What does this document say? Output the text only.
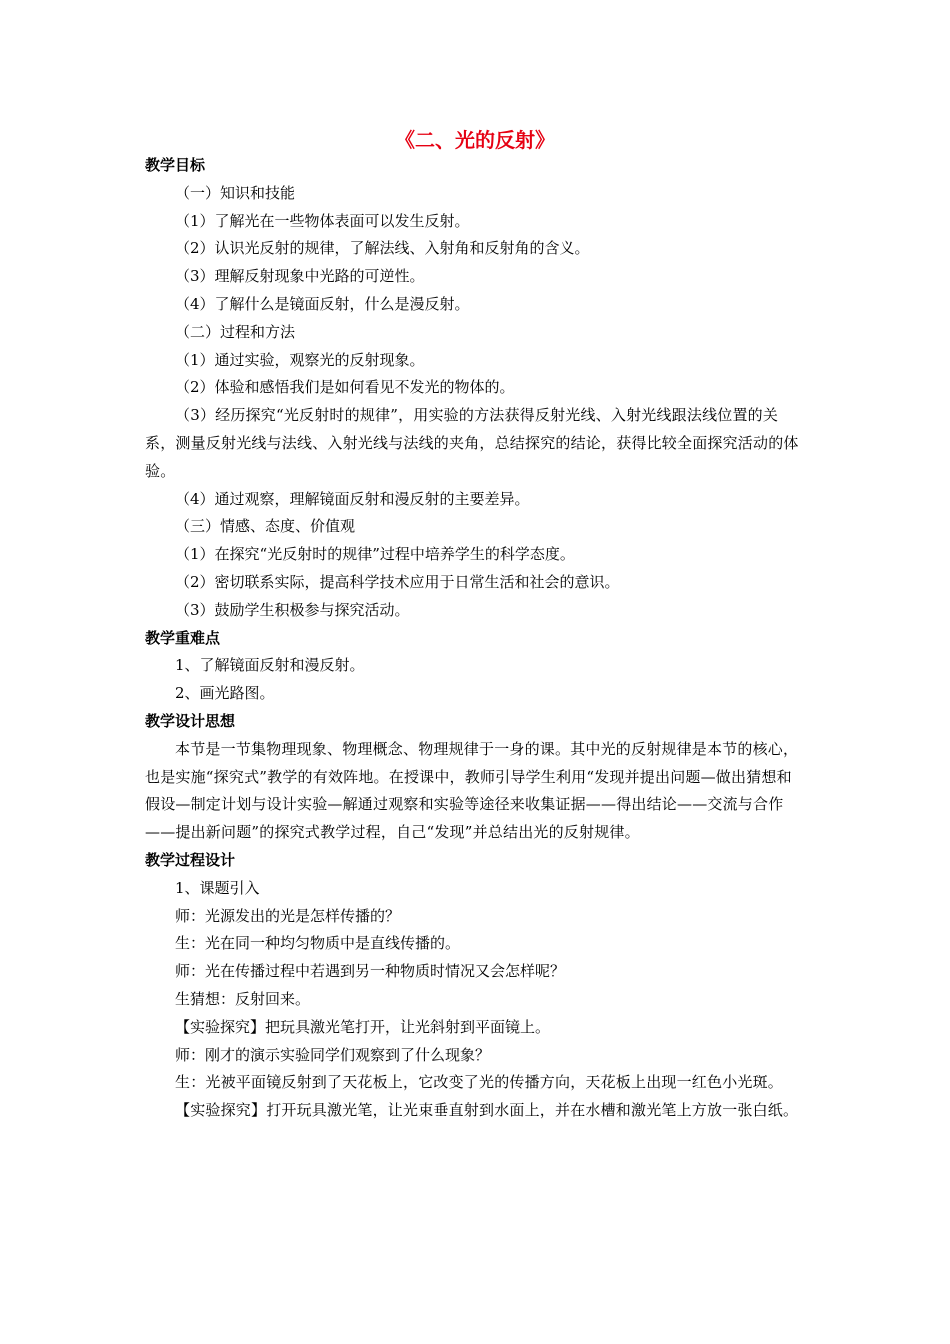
《二、光的反射》

教学目标

（一）知识和技能

（1）了解光在一些物体表面可以发生反射。

（2）认识光反射的规律，了解法线、入射角和反射角的含义。

（3）理解反射现象中光路的可逆性。

（4）了解什么是镜面反射，什么是漫反射。

（二）过程和方法

（1）通过实验，观察光的反射现象。

（2）体验和感悟我们是如何看见不发光的物体的。

（3）经历探究“光反射时的规律”，用实验的方法获得反射光线、入射光线跟法线位置的关系，测量反射光线与法线、入射光线与法线的夹角，总结探究的结论，获得比较全面探究活动的体验。

（4）通过观察，理解镜面反射和漫反射的主要差异。

（三）情感、态度、价值观

（1）在探究“光反射时的规律”过程中培养学生的科学态度。

（2）密切联系实际，提高科学技术应用于日常生活和社会的意识。

（3）鼓励学生积极参与探究活动。

教学重难点

1、了解镜面反射和漫反射。

2、画光路图。

教学设计思想

本节是一节集物理现象、物理概念、物理规律于一身的课。其中光的反射规律是本节的核心，也是实施“探究式”教学的有效阵地。在授课中，教师引导学生利用“发现并提出问题—做出猜想和假设—制定计划与设计实验—解通过观察和实验等途径来收集证据——得出结论——交流与合作——提出新问题”的探究式教学过程，自己“发现”并总结出光的反射规律。

教学过程设计

1、课题引入

师：光源发出的光是怎样传播的？

生：光在同一种均匀物质中是直线传播的。

师：光在传播过程中若遇到另一种物质时情况又会怎样呢？

生猜想：反射回来。

【实验探究】把玩具激光笔打开，让光斜射到平面镜上。

师：刚才的演示实验同学们观察到了什么现象？

生：光被平面镜反射到了天花板上，它改变了光的传播方向，天花板上出现一红色小光斑。

【实验探究】打开玩具激光笔，让光束垂直射到水面上，并在水槽和激光笔上方放一张白纸。
